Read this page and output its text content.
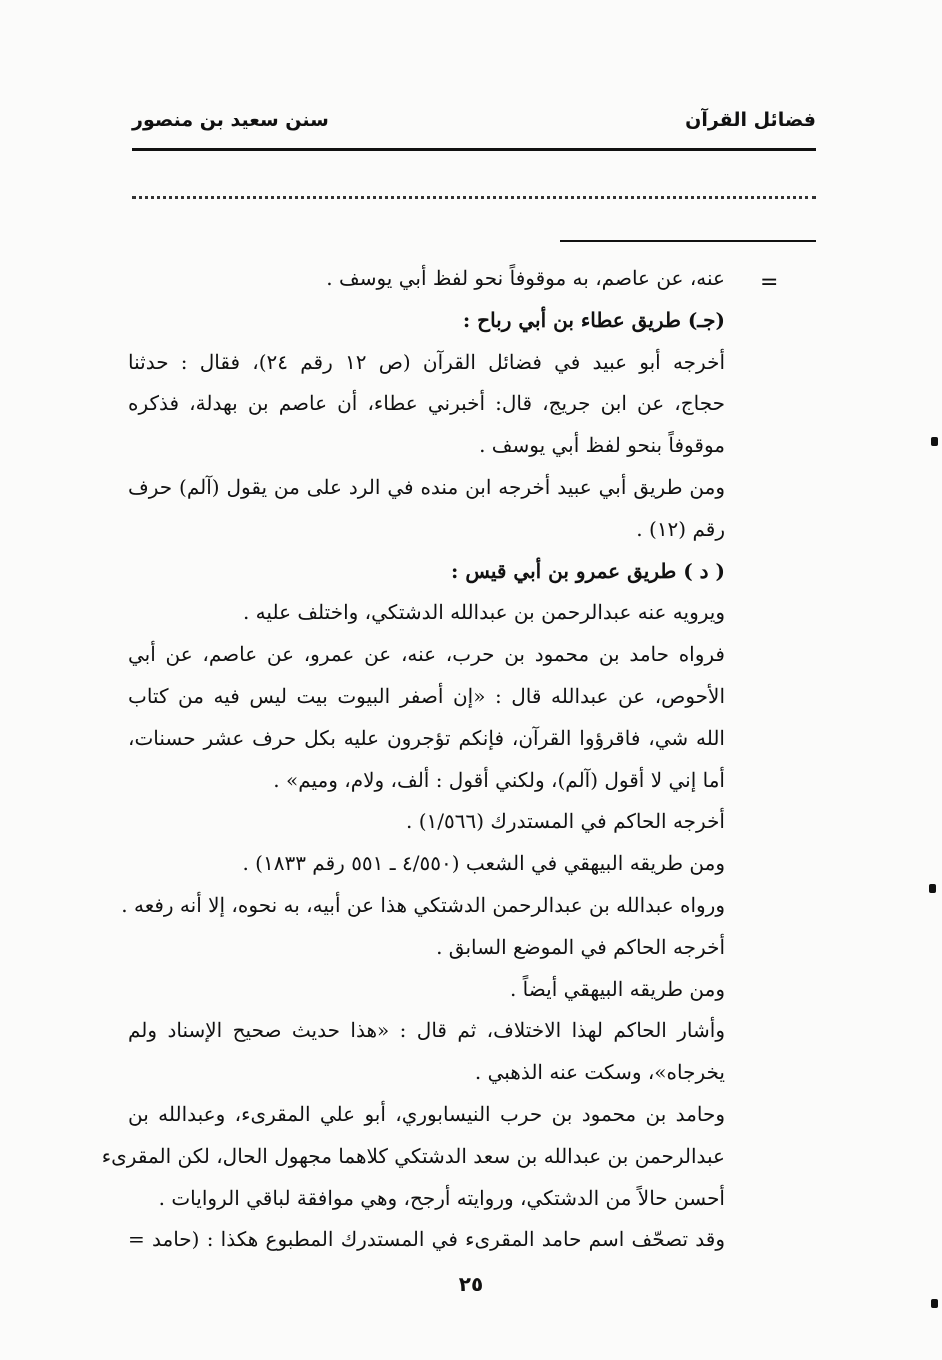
فضائل القرآن
سنن سعيد بن منصور
=
عنه، عن عاصم، به موقوفاً نحو لفظ أبي يوسف .
(جـ) طريق عطاء بن أبي رباح :
أخرجه أبو عبيد في فضائل القرآن (ص ١٢ رقم ٢٤)، فقال : حدثنا
حجاج، عن ابن جريج، قال: أخبرني عطاء، أن عاصم بن بهدلة، فذكره
موقوفاً بنحو لفظ أبي يوسف .
ومن طريق أبي عبيد أخرجه ابن منده في الرد على من يقول (آلم) حرف
رقم (١٢) .
( د ) طريق عمرو بن أبي قيس :
ويرويه عنه عبدالرحمن بن عبدالله الدشتكي، واختلف عليه .
فرواه حامد بن محمود بن حرب، عنه، عن عمرو، عن عاصم، عن أبي
الأحوص، عن عبدالله قال : «إن أصفر البيوت بيت ليس فيه من كتاب
الله شي، فاقرؤوا القرآن، فإنكم تؤجرون عليه بكل حرف عشر حسنات،
أما إني لا أقول (آلم)، ولكني أقول : ألف، ولام، وميم» .
أخرجه الحاكم في المستدرك (١/٥٦٦) .
ومن طريقه البيهقي في الشعب (٤/٥٥٠ ـ ٥٥١ رقم ١٨٣٣) .
ورواه عبدالله بن عبدالرحمن الدشتكي هذا عن أبيه، به نحوه، إلا أنه رفعه .
أخرجه الحاكم في الموضع السابق .
ومن طريقه البيهقي أيضاً .
وأشار الحاكم لهذا الاختلاف، ثم قال : «هذا حديث صحيح الإسناد ولم
يخرجاه»، وسكت عنه الذهبي .
وحامد بن محمود بن حرب النيسابوري، أبو علي المقرىء، وعبدالله بن
عبدالرحمن بن عبدالله بن سعد الدشتكي كلاهما مجهول الحال، لكن المقرىء
أحسن حالاً من الدشتكي، وروايته أرجح، وهي موافقة لباقي الروايات .
وقد تصحّف اسم حامد المقرىء في المستدرك المطبوع هكذا : (حامد =
٢٥
